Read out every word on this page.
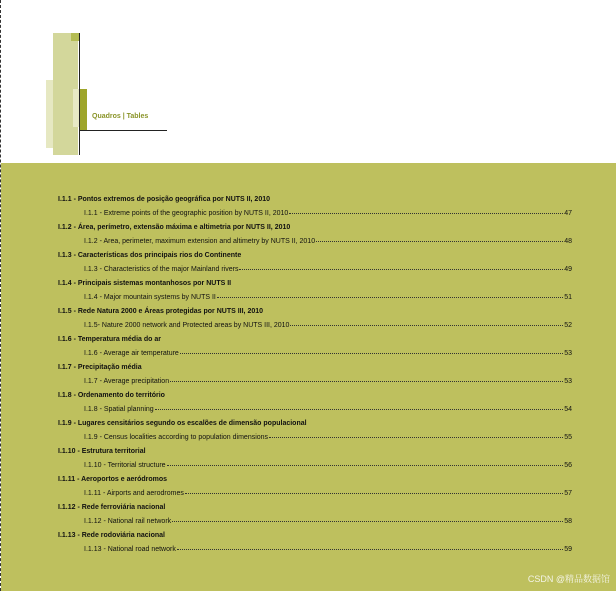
Quadros | Tables
I.1.1 - Pontos extremos de posição geográfica por NUTS II, 2010
I.1.1 - Extreme points of the geographic position by NUTS II, 2010	47
I.1.2 - Área, perímetro, extensão máxima e altimetria por NUTS II, 2010
I.1.2 - Area, perimeter, maximum extension and altimetry by NUTS II, 2010	48
I.1.3 - Características dos principais rios do Continente
I.1.3 - Characteristics of the major Mainland rivers	49
I.1.4 - Principais sistemas montanhosos por NUTS II
I.1.4 - Major mountain systems by NUTS II	51
I.1.5 - Rede Natura 2000 e Áreas protegidas por NUTS III, 2010
I.1.5- Nature 2000 network and Protected areas by NUTS III, 2010	52
I.1.6 - Temperatura média do ar
I.1.6 - Average air temperature	53
I.1.7 - Precipitação média
I.1.7 - Average precipitation	53
I.1.8 - Ordenamento do território
I.1.8 - Spatial planning	54
I.1.9 - Lugares censitários segundo os escalões de dimensão populacional
I.1.9 - Census localities according to population dimensions	55
I.1.10 - Estrutura territorial
I.1.10 - Territorial structure	56
I.1.11 - Aeroportos e aeródromos
I.1.11 - Airports and aerodromes	57
I.1.12 - Rede ferroviária nacional
I.1.12 - National rail network	58
I.1.13 - Rede rodoviária nacional
I.1.13 - National road network	59
CSDN @精品数据馆
